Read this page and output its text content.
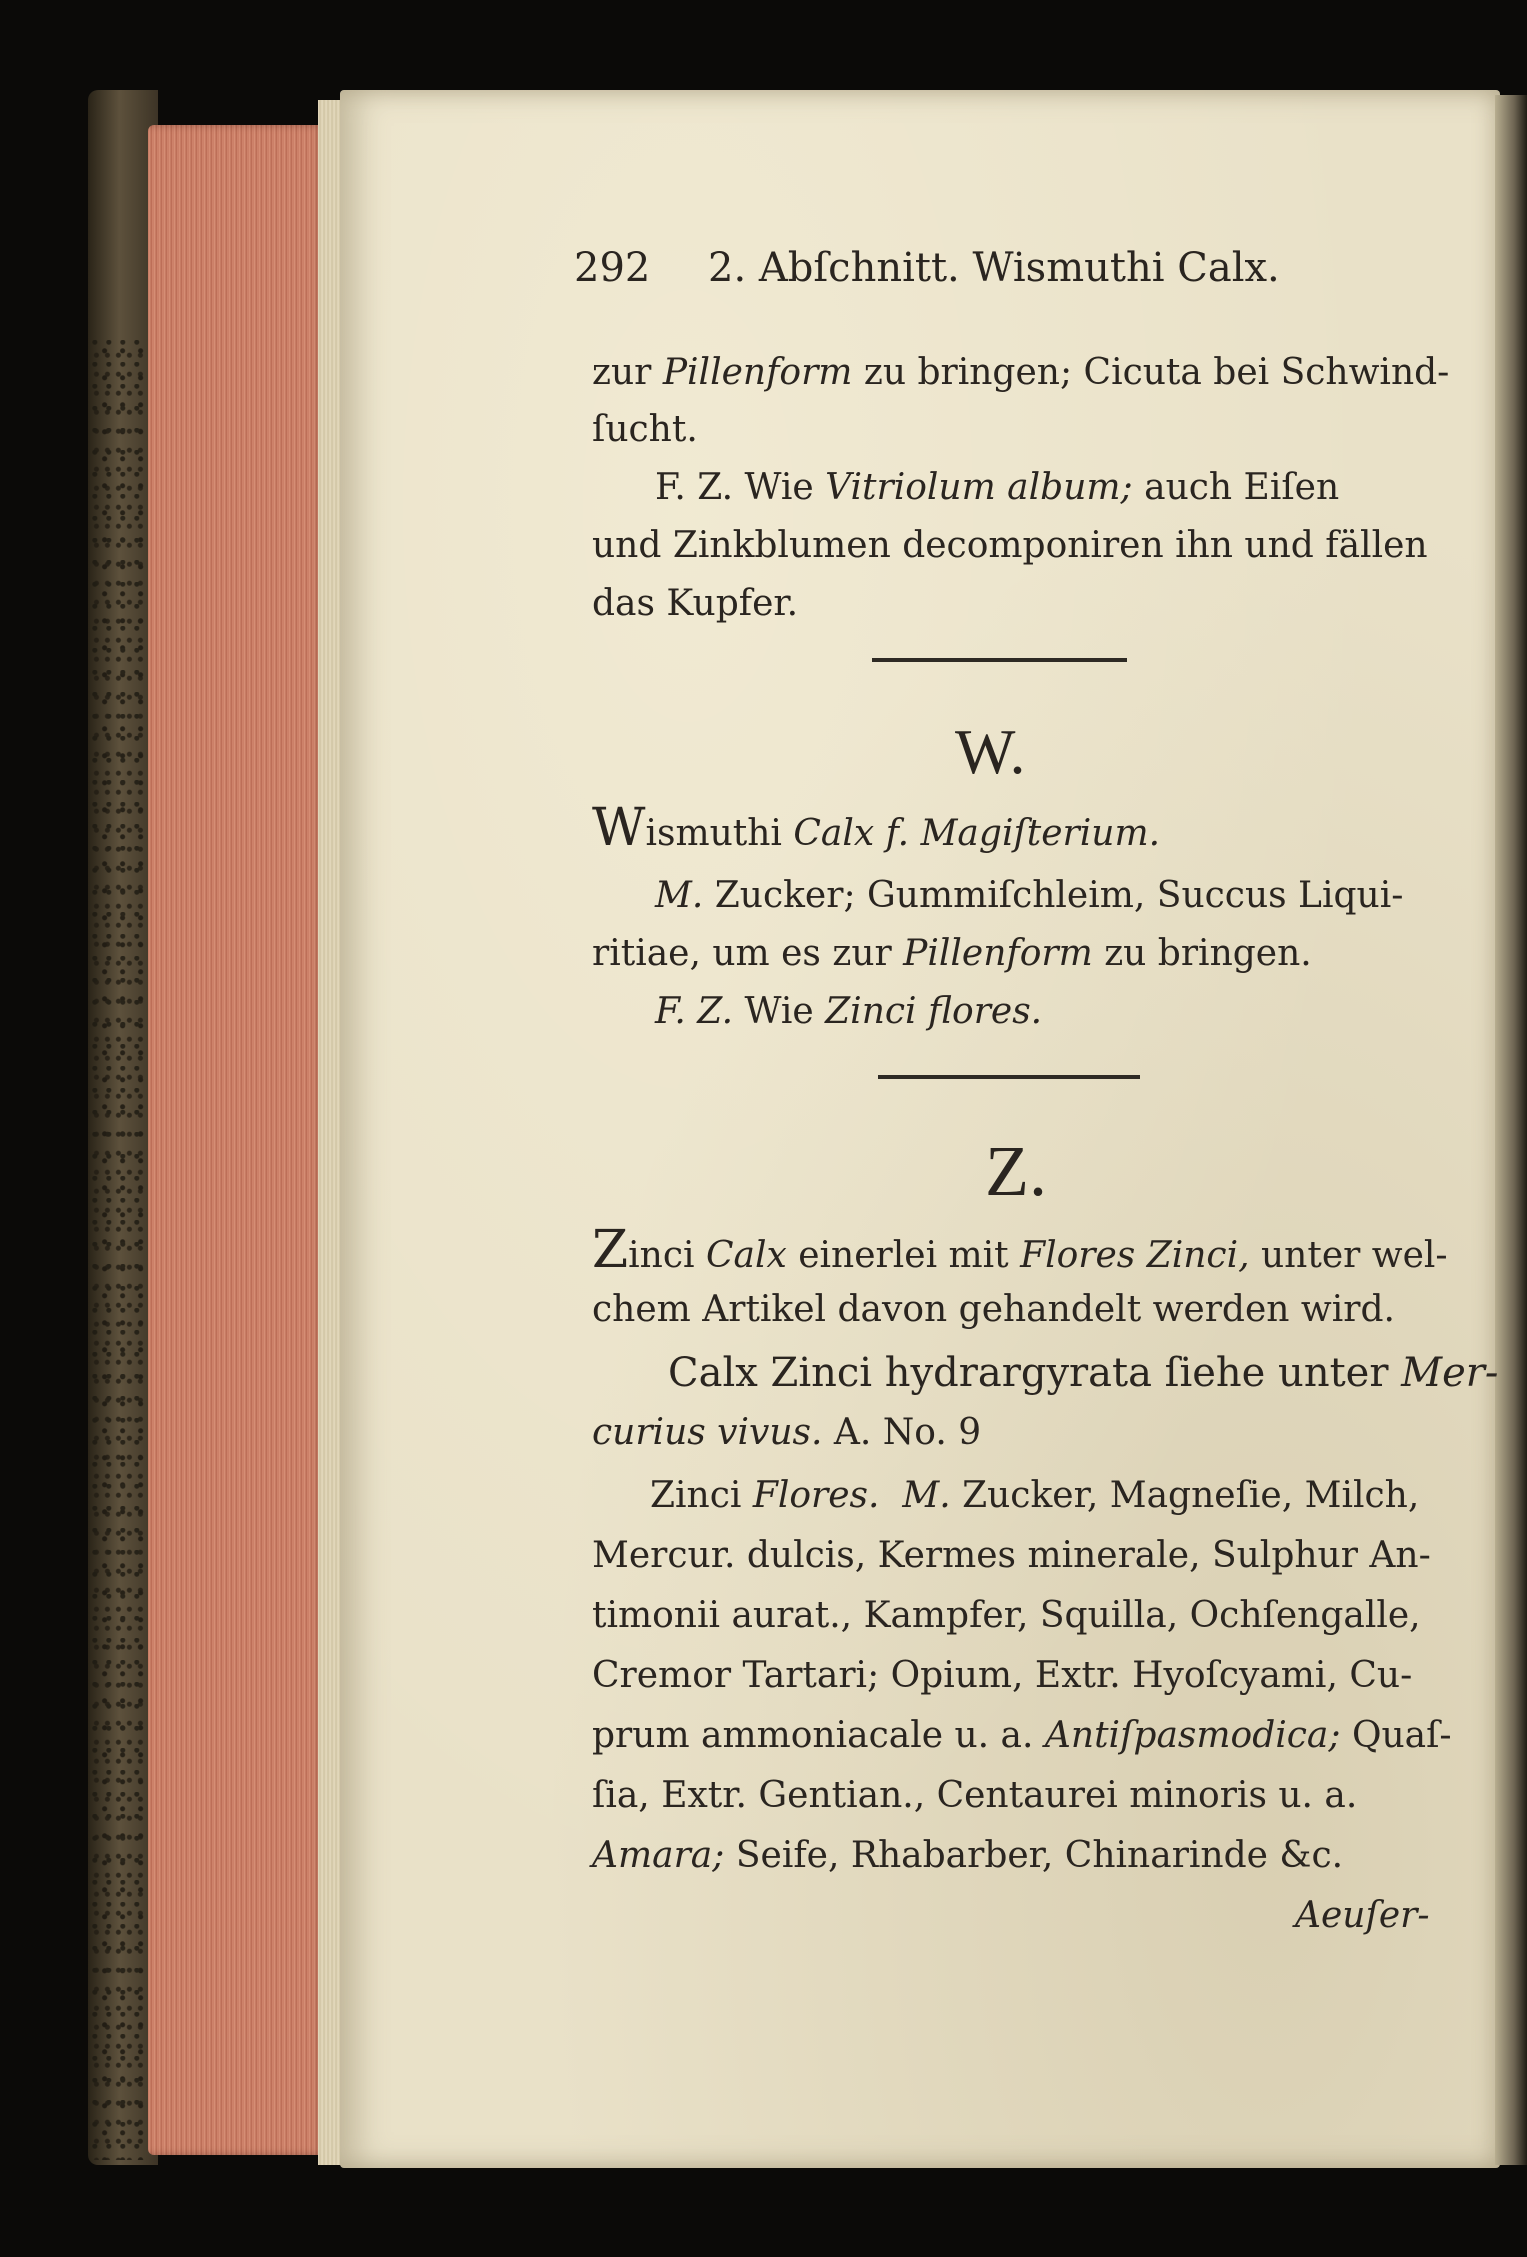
292 2. Abſchnitt. Wismuthi Calx.
zur Pillenform zu bringen; Cicuta bei Schwind-
ſucht.
F. Z. Wie Vitriolum album; auch Eiſen
und Zinkblumen decomponiren ihn und fällen
das Kupfer.
W.
Wismuthi Calx f. Magiſterium.
M. Zucker; Gummiſchleim, Succus Liqui-
ritiae, um es zur Pillenform zu bringen.
F. Z. Wie Zinci flores.
Z.
Zinci Calx einerlei mit Flores Zinci, unter wel-
chem Artikel davon gehandelt werden wird.
Calx Zinci hydrargyrata ſiehe unter Mer-
curius vivus. A. No. 9
Zinci Flores. M. Zucker, Magneſie, Milch,
Mercur. dulcis, Kermes minerale, Sulphur An-
timonii aurat., Kampfer, Squilla, Ochſengalle,
Cremor Tartari; Opium, Extr. Hyoſcyami, Cu-
prum ammoniacale u. a. Antiſpasmodica; Quaſ-
ſia, Extr. Gentian., Centaurei minoris u. a.
Amara; Seife, Rhabarber, Chinarinde &c.
Aeuſer-
